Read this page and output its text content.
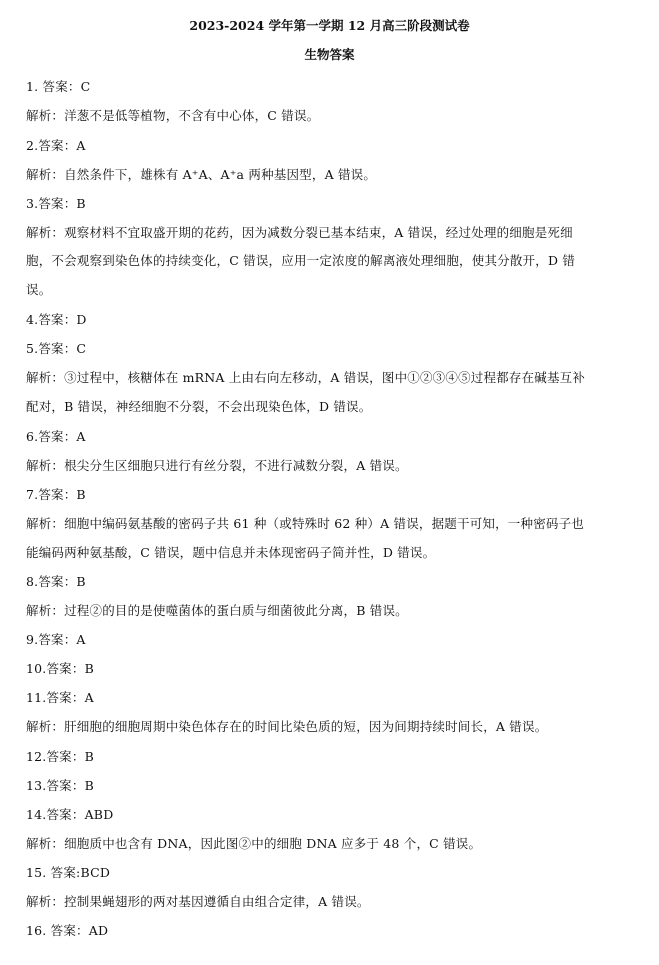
2023-2024 学年第一学期 12 月高三阶段测试卷
生物答案
1. 答案：C
解析：洋葱不是低等植物，不含有中心体，C 错误。
2.答案：A
解析：自然条件下，雄株有 A⁺A、A⁺a 两种基因型，A 错误。
3.答案：B
解析：观察材料不宜取盛开期的花药，因为减数分裂已基本结束，A 错误，经过处理的细胞是死细
胞，不会观察到染色体的持续变化，C 错误，应用一定浓度的解离液处理细胞，使其分散开，D 错
误。
4.答案：D
5.答案：C
解析：③过程中，核糖体在 mRNA 上由右向左移动，A 错误，图中①②③④⑤过程都存在碱基互补
配对，B 错误，神经细胞不分裂，不会出现染色体，D 错误。
6.答案：A
解析：根尖分生区细胞只进行有丝分裂，不进行减数分裂，A 错误。
7.答案：B
解析：细胞中编码氨基酸的密码子共 61 种（或特殊时 62 种）A 错误，据题干可知，一种密码子也
能编码两种氨基酸，C 错误，题中信息并未体现密码子简并性，D 错误。
8.答案：B
解析：过程②的目的是使噬菌体的蛋白质与细菌彼此分离，B 错误。
9.答案：A
10.答案：B
11.答案：A
解析：肝细胞的细胞周期中染色体存在的时间比染色质的短，因为间期持续时间长，A 错误。
12.答案：B
13.答案：B
14.答案：ABD
解析：细胞质中也含有 DNA，因此图②中的细胞 DNA 应多于 48 个，C 错误。
15. 答案:BCD
解析：控制果蝇翅形的两对基因遵循自由组合定律，A 错误。
16. 答案：AD
